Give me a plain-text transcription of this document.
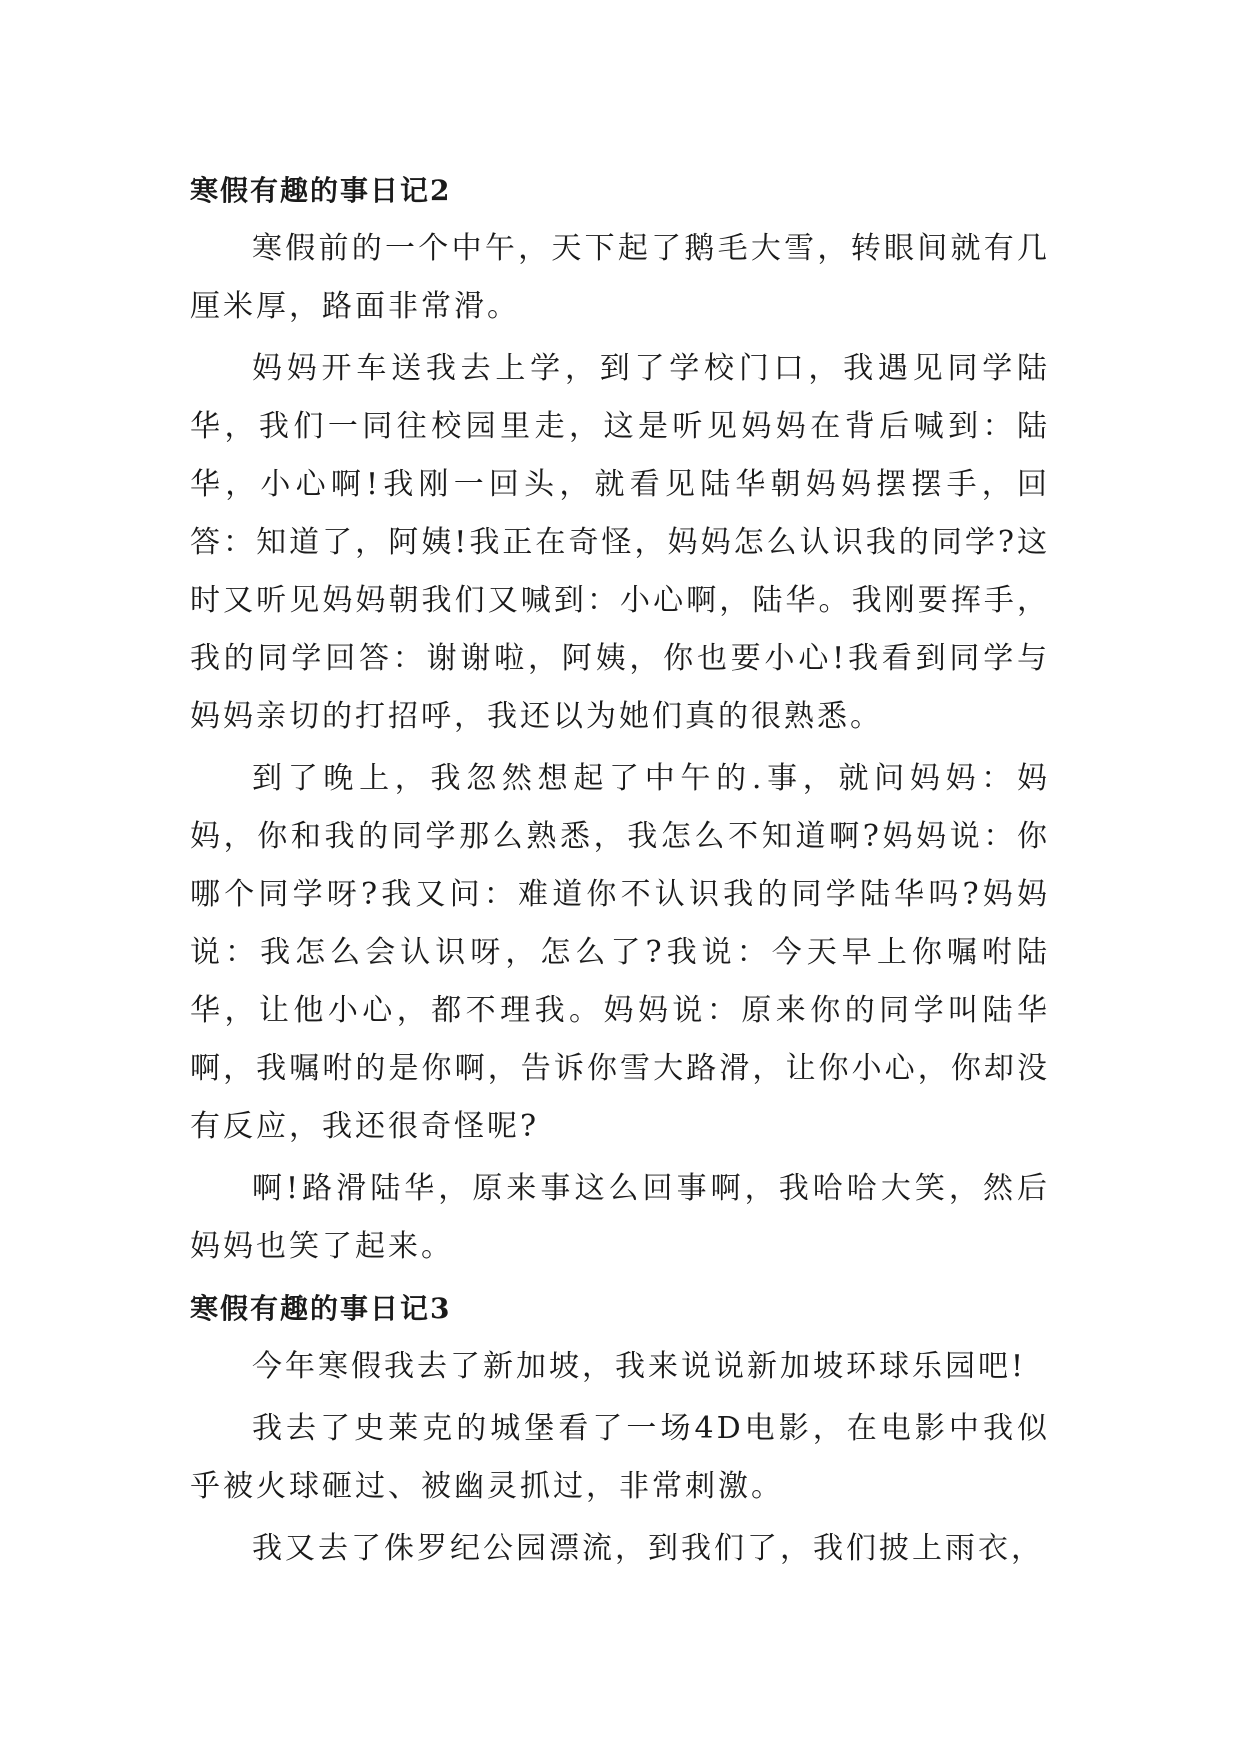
寒假有趣的事日记2

寒假前的一个中午，天下起了鹅毛大雪，转眼间就有几厘米厚，路面非常滑。

妈妈开车送我去上学，到了学校门口，我遇见同学陆华，我们一同往校园里走，这是听见妈妈在背后喊到：陆华，小心啊!我刚一回头，就看见陆华朝妈妈摆摆手，回答：知道了，阿姨!我正在奇怪，妈妈怎么认识我的同学?这时又听见妈妈朝我们又喊到：小心啊，陆华。我刚要挥手，我的同学回答：谢谢啦，阿姨，你也要小心!我看到同学与妈妈亲切的打招呼，我还以为她们真的很熟悉。

到了晚上，我忽然想起了中午的.事，就问妈妈：妈妈，你和我的同学那么熟悉，我怎么不知道啊?妈妈说：你哪个同学呀?我又问：难道你不认识我的同学陆华吗?妈妈说：我怎么会认识呀，怎么了?我说：今天早上你嘱咐陆华，让他小心，都不理我。妈妈说：原来你的同学叫陆华啊，我嘱咐的是你啊，告诉你雪大路滑，让你小心，你却没有反应，我还很奇怪呢?

啊!路滑陆华，原来事这么回事啊，我哈哈大笑，然后妈妈也笑了起来。

寒假有趣的事日记3

今年寒假我去了新加坡，我来说说新加坡环球乐园吧!

我去了史莱克的城堡看了一场4D电影，在电影中我似乎被火球砸过、被幽灵抓过，非常刺激。

我又去了侏罗纪公园漂流，到我们了，我们披上雨衣，
